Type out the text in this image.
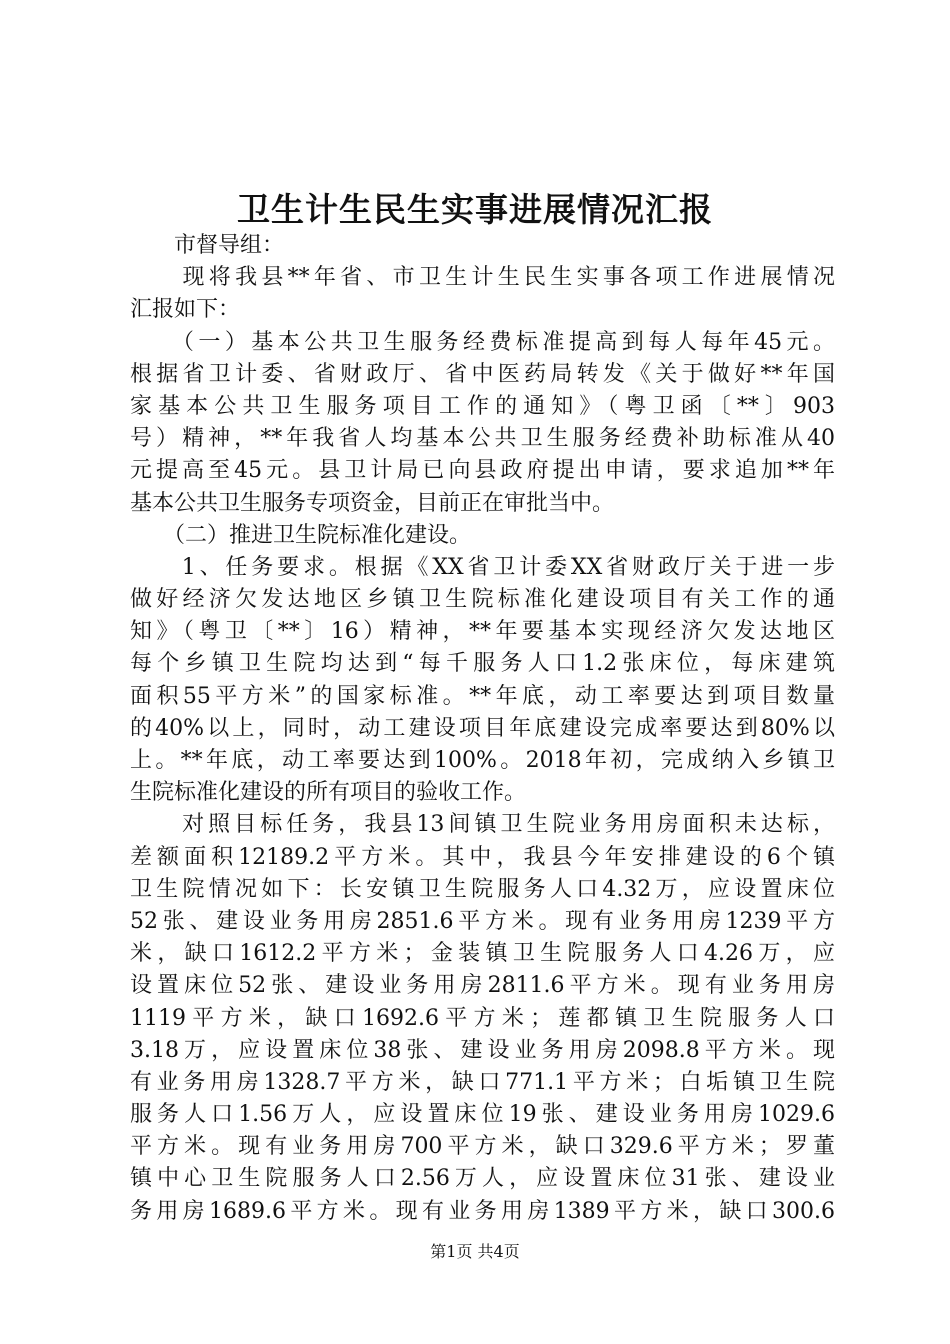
卫生计生民生实事进展情况汇报
　　市督导组：
　　现将我县**年省、市卫生计生民生实事各项工作进展情况
汇报如下：
　　（一）基本公共卫生服务经费标准提高到每人每年45元。
根据省卫计委、省财政厅、省中医药局转发《关于做好**年国
家基本公共卫生服务项目工作的通知》（粤卫函〔**〕903
号）精神，**年我省人均基本公共卫生服务经费补助标准从40
元提高至45元。县卫计局已向县政府提出申请，要求追加**年
基本公共卫生服务专项资金，目前正在审批当中。
　　（二）推进卫生院标准化建设。
　　1、任务要求。根据《XX省卫计委XX省财政厅关于进一步
做好经济欠发达地区乡镇卫生院标准化建设项目有关工作的通
知》（粤卫〔**〕16）精神，**年要基本实现经济欠发达地区
每个乡镇卫生院均达到“每千服务人口1.2张床位，每床建筑
面积55平方米”的国家标准。**年底，动工率要达到项目数量
的40%以上，同时，动工建设项目年底建设完成率要达到80%以
上。**年底，动工率要达到100%。2018年初，完成纳入乡镇卫
生院标准化建设的所有项目的验收工作。
　　对照目标任务，我县13间镇卫生院业务用房面积未达标，
差额面积12189.2平方米。其中，我县今年安排建设的6个镇
卫生院情况如下：长安镇卫生院服务人口4.32万，应设置床位
52张、建设业务用房2851.6平方米。现有业务用房1239平方
米，缺口1612.2平方米；金装镇卫生院服务人口4.26万，应
设置床位52张、建设业务用房2811.6平方米。现有业务用房
1119平方米，缺口1692.6平方米；莲都镇卫生院服务人口
3.18万，应设置床位38张、建设业务用房2098.8平方米。现
有业务用房1328.7平方米，缺口771.1平方米；白垢镇卫生院
服务人口1.56万人，应设置床位19张、建设业务用房1029.6
平方米。现有业务用房700平方米，缺口329.6平方米；罗董
镇中心卫生院服务人口2.56万人，应设置床位31张、建设业
务用房1689.6平方米。现有业务用房1389平方米，缺口300.6
第1页 共4页
